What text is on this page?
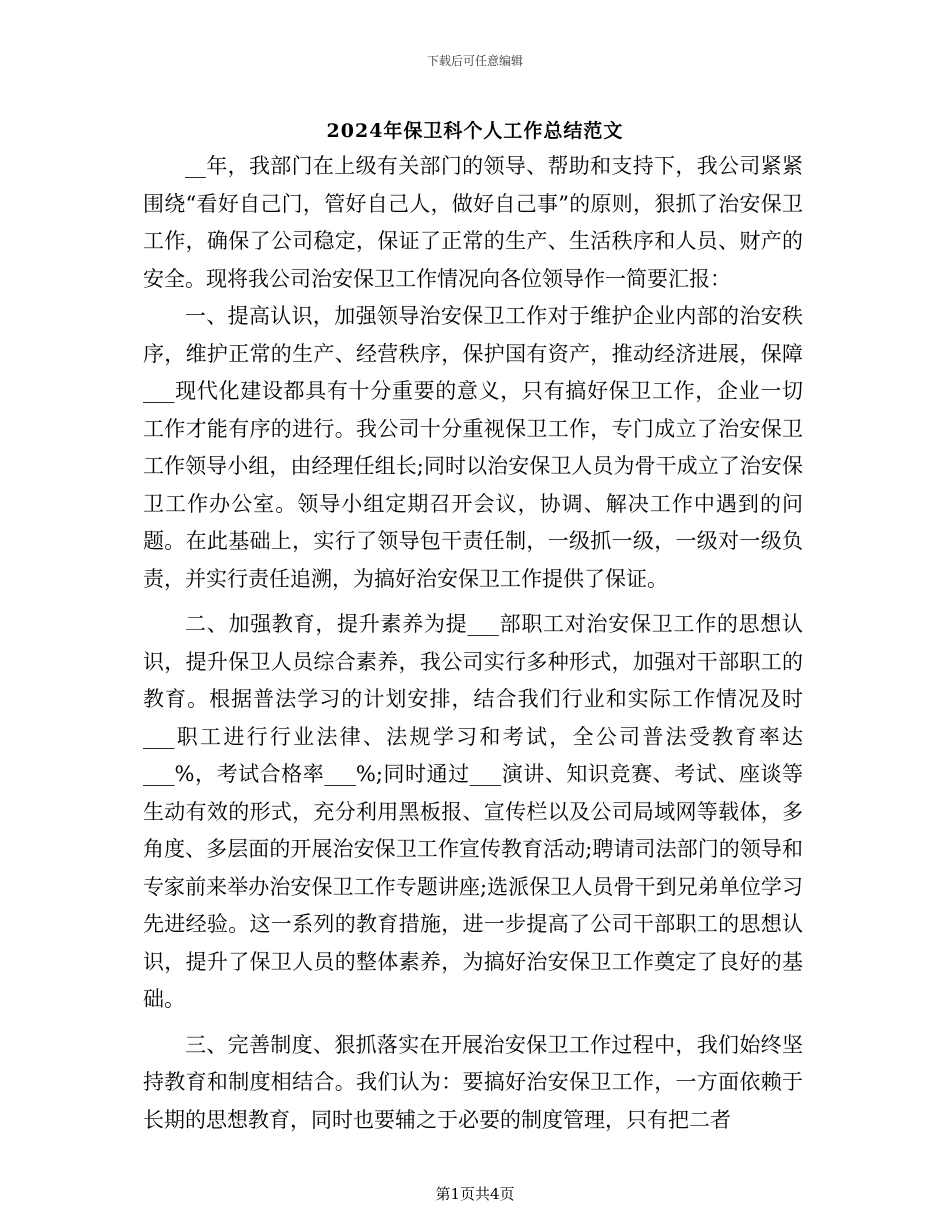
下载后可任意编辑
2024年保卫科个人工作总结范文

__年，我部门在上级有关部门的领导、帮助和支持下，我公司紧紧围绕“看好自己门，管好自己人，做好自己事”的原则，狠抓了治安保卫工作，确保了公司稳定，保证了正常的生产、生活秩序和人员、财产的安全。现将我公司治安保卫工作情况向各位领导作一简要汇报：

一、提高认识，加强领导治安保卫工作对于维护企业内部的治安秩序，维护正常的生产、经营秩序，保护国有资产，推动经济进展，保障___现代化建设都具有十分重要的意义，只有搞好保卫工作，企业一切工作才能有序的进行。我公司十分重视保卫工作，专门成立了治安保卫工作领导小组，由经理任组长;同时以治安保卫人员为骨干成立了治安保卫工作办公室。领导小组定期召开会议，协调、解决工作中遇到的问题。在此基础上，实行了领导包干责任制，一级抓一级，一级对一级负责，并实行责任追溯，为搞好治安保卫工作提供了保证。

二、加强教育，提升素养为提___部职工对治安保卫工作的思想认识，提升保卫人员综合素养，我公司实行多种形式，加强对干部职工的教育。根据普法学习的计划安排，结合我们行业和实际工作情况及时___职工进行行业法律、法规学习和考试，全公司普法受教育率达___%，考试合格率___%;同时通过___演讲、知识竞赛、考试、座谈等生动有效的形式，充分利用黑板报、宣传栏以及公司局域网等载体，多角度、多层面的开展治安保卫工作宣传教育活动;聘请司法部门的领导和专家前来举办治安保卫工作专题讲座;选派保卫人员骨干到兄弟单位学习先进经验。这一系列的教育措施，进一步提高了公司干部职工的思想认识，提升了保卫人员的整体素养，为搞好治安保卫工作奠定了良好的基础。

三、完善制度、狠抓落实在开展治安保卫工作过程中，我们始终坚持教育和制度相结合。我们认为：要搞好治安保卫工作，一方面依赖于长期的思想教育，同时也要辅之于必要的制度管理，只有把二者

第1页共4页
